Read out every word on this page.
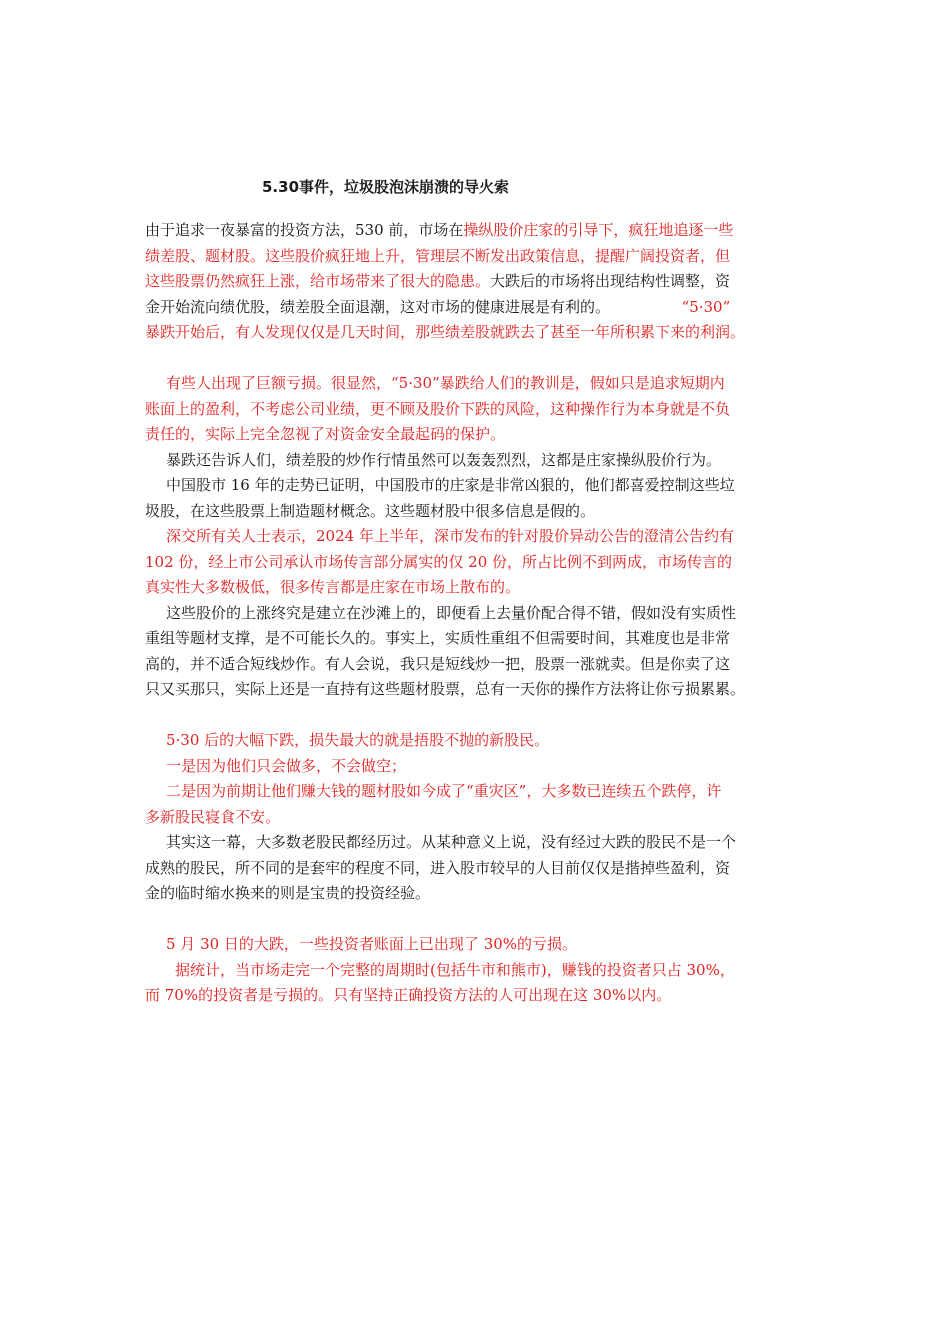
5.30事件，垃圾股泡沫崩溃的导火索
由于追求一夜暴富的投资方法，530 前，市场在操纵股价庄家的引导下，疯狂地追逐一些
绩差股、题材股。这些股价疯狂地上升，管理层不断发出政策信息，提醒广阔投资者，但
这些股票仍然疯狂上涨，给市场带来了很大的隐患。大跌后的市场将出现结构性调整，资
金开始流向绩优股，绩差股全面退潮，这对市场的健康进展是有利的。               “5·30”
暴跌开始后，有人发现仅仅是几天时间，那些绩差股就跌去了甚至一年所积累下来的利润。
有些人出现了巨额亏损。很显然，“5·30”暴跌给人们的教训是，假如只是追求短期内
账面上的盈利，不考虑公司业绩，更不顾及股价下跌的风险，这种操作行为本身就是不负
责任的，实际上完全忽视了对资金安全最起码的保护。
暴跌还告诉人们，绩差股的炒作行情虽然可以轰轰烈烈，这都是庄家操纵股价行为。
中国股市 16 年的走势已证明，中国股市的庄家是非常凶狠的，他们都喜爱控制这些垃
圾股，在这些股票上制造题材概念。这些题材股中很多信息是假的。
深交所有关人士表示，2024 年上半年，深市发布的针对股价异动公告的澄清公告约有
102 份，经上市公司承认市场传言部分属实的仅 20 份，所占比例不到两成，市场传言的
真实性大多数极低，很多传言都是庄家在市场上散布的。
这些股价的上涨终究是建立在沙滩上的，即便看上去量价配合得不错，假如没有实质性
重组等题材支撑，是不可能长久的。事实上，实质性重组不但需要时间，其难度也是非常
高的，并不适合短线炒作。有人会说，我只是短线炒一把，股票一涨就卖。但是你卖了这
只又买那只，实际上还是一直持有这些题材股票，总有一天你的操作方法将让你亏损累累。
5·30 后的大幅下跌，损失最大的就是捂股不抛的新股民。
一是因为他们只会做多，不会做空；
二是因为前期让他们赚大钱的题材股如今成了“重灾区”，大多数已连续五个跌停，许
多新股民寝食不安。
其实这一幕，大多数老股民都经历过。从某种意义上说，没有经过大跌的股民不是一个
成熟的股民，所不同的是套牢的程度不同，进入股市较早的人目前仅仅是揩掉些盈利，资
金的临时缩水换来的则是宝贵的投资经验。
5 月 30 日的大跌，一些投资者账面上已出现了 30%的亏损。
据统计，当市场走完一个完整的周期时(包括牛市和熊市)，赚钱的投资者只占 30%，
而 70%的投资者是亏损的。只有坚持正确投资方法的人可出现在这 30%以内。
